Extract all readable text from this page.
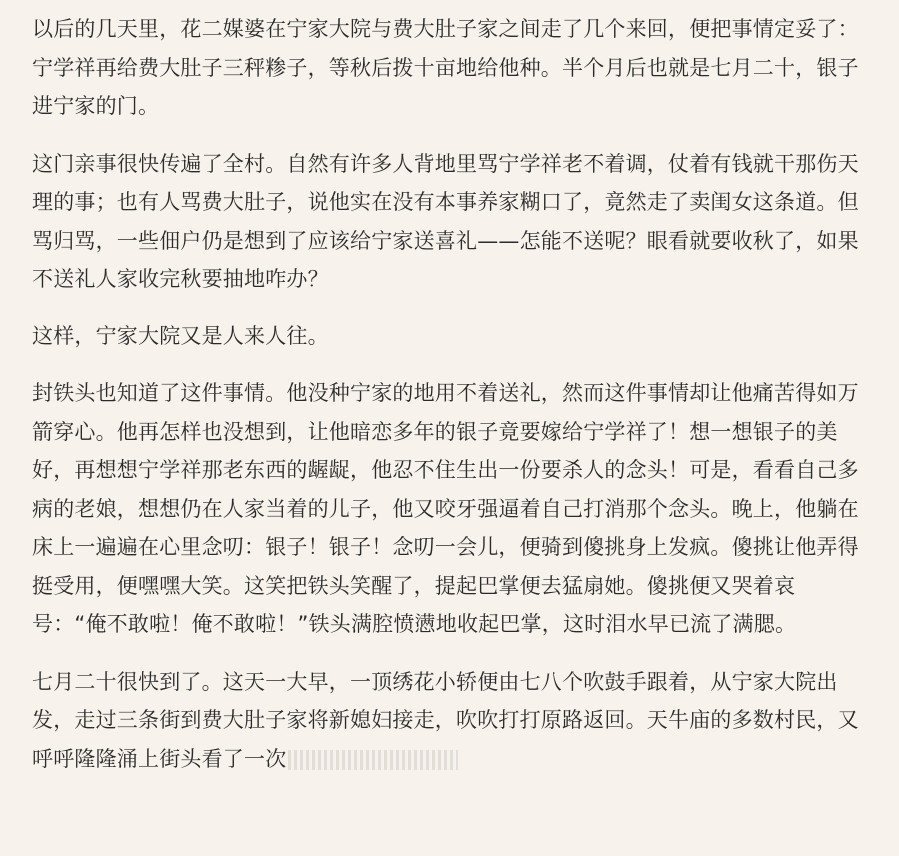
以后的几天里，花二媒婆在宁家大院与费大肚子家之间走了几个来回，便把事情定妥了：宁学祥再给费大肚子三秤糁子，等秋后拨十亩地给他种。半个月后也就是七月二十，银子进宁家的门。

这门亲事很快传遍了全村。自然有许多人背地里骂宁学祥老不着调，仗着有钱就干那伤天理的事；也有人骂费大肚子，说他实在没有本事养家糊口了，竟然走了卖闺女这条道。但骂归骂，一些佃户仍是想到了应该给宁家送喜礼——怎能不送呢？眼看就要收秋了，如果不送礼人家收完秋要抽地咋办？

这样，宁家大院又是人来人往。

封铁头也知道了这件事情。他没种宁家的地用不着送礼，然而这件事情却让他痛苦得如万箭穿心。他再怎样也没想到，让他暗恋多年的银子竟要嫁给宁学祥了！想一想银子的美好，再想想宁学祥那老东西的龌龊，他忍不住生出一份要杀人的念头！可是，看看自己多病的老娘，想想仍在人家当着的儿子，他又咬牙强逼着自己打消那个念头。晚上，他躺在床上一遍遍在心里念叨：银子！银子！念叨一会儿，便骑到傻挑身上发疯。傻挑让他弄得挺受用，便嘿嘿大笑。这笑把铁头笑醒了，提起巴掌便去猛扇她。傻挑便又哭着哀号：“俺不敢啦！俺不敢啦！”铁头满腔愤懑地收起巴掌，这时泪水早已流了满腮。

七月二十很快到了。这天一大早，一顶绣花小轿便由七八个吹鼓手跟着，从宁家大院出发，走过三条街到费大肚子家将新媳妇接走，吹吹打打原路返回。天牛庙的多数村民，又呼呼隆隆涌上街头看了一次
